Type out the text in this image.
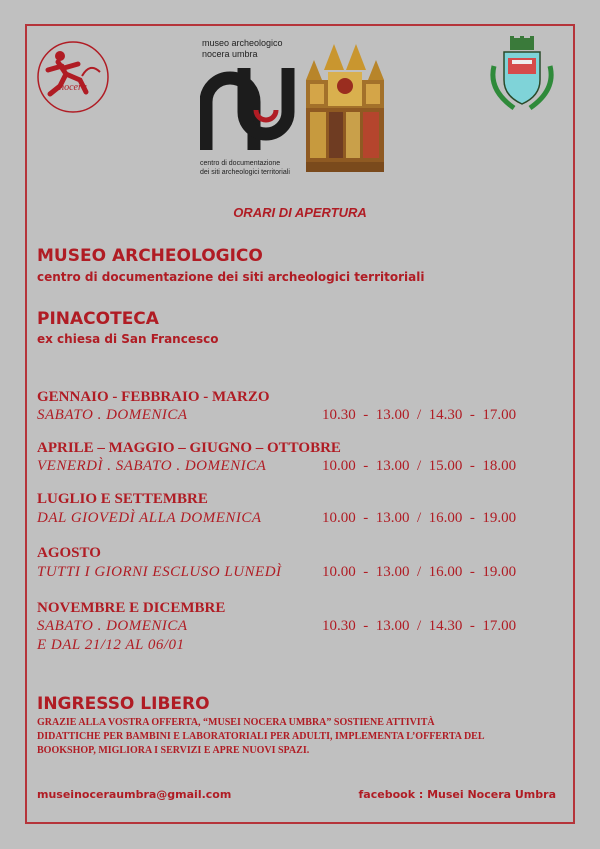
nocera
museo archeologico
nocera umbra
centro di documentazione
dei siti archeologici territoriali
ORARI DI APERTURA
MUSEO ARCHEOLOGICO
centro di documentazione dei siti archeologici territoriali
PINACOTECA
ex chiesa di San Francesco
GENNAIO - FEBBRAIO - MARZO
SABATO . DOMENICA	10.30  -  13.00  /  14.30  -  17.00
APRILE – MAGGIO – GIUGNO – OTTOBRE
VENERDÌ . SABATO . DOMENICA	10.00  -  13.00  /  15.00  -  18.00
LUGLIO E SETTEMBRE
DAL GIOVEDÌ ALLA DOMENICA	10.00  -  13.00  /  16.00  -  19.00
AGOSTO
TUTTI I GIORNI ESCLUSO LUNEDÌ	10.00  -  13.00  /  16.00  -  19.00
NOVEMBRE E DICEMBRE
SABATO . DOMENICA	10.30  -  13.00  /  14.30  -  17.00
E DAL 21/12 AL 06/01
INGRESSO LIBERO
GRAZIE ALLA VOSTRA OFFERTA, “MUSEI NOCERA UMBRA” SOSTIENE ATTIVITÀ
DIDATTICHE PER BAMBINI E LABORATORIALI PER ADULTI, IMPLEMENTA L’OFFERTA DEL
BOOKSHOP, MIGLIORA I SERVIZI E APRE NUOVI SPAZI.
museinoceraumbra@gmail.com	facebook : Musei Nocera Umbra
